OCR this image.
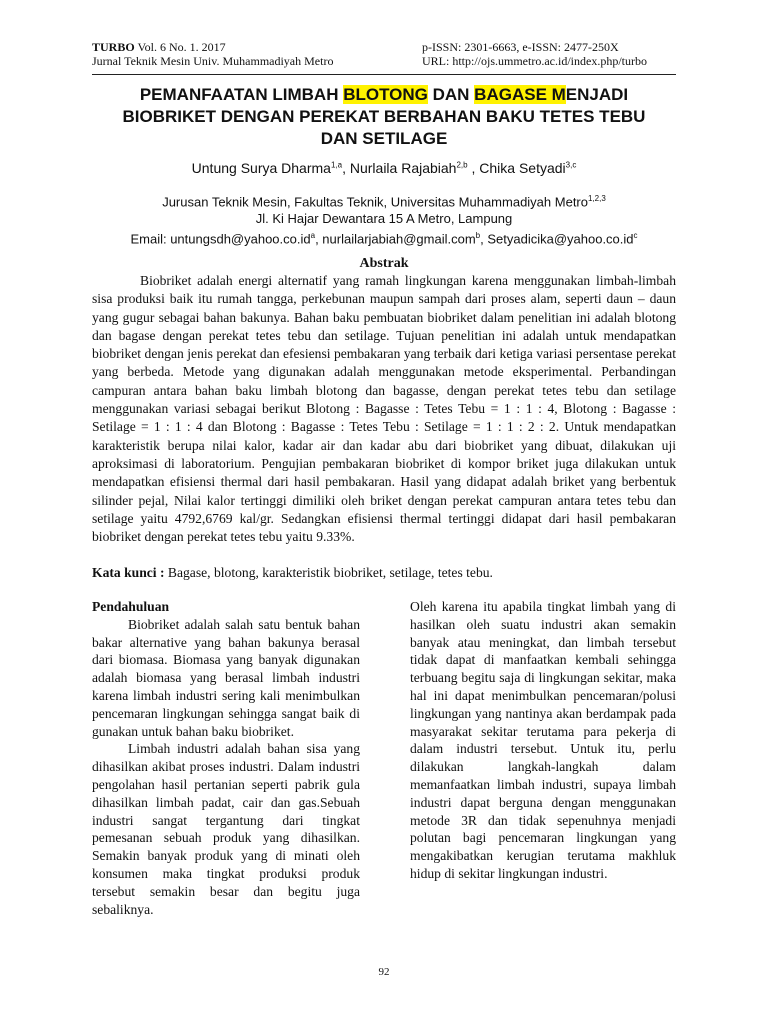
TURBO Vol. 6 No. 1. 2017
Jurnal Teknik Mesin Univ. Muhammadiyah Metro
p-ISSN: 2301-6663, e-ISSN: 2477-250X
URL: http://ojs.ummetro.ac.id/index.php/turbo
PEMANFAATAN LIMBAH BLOTONG DAN BAGASE MENJADI
BIOBRIKET DENGAN PEREKAT BERBAHAN BAKU TETES TEBU
DAN SETILAGE
Untung Surya Dharma$^{1,a}$, Nurlaila Rajabiah$^{2,b}$ , Chika Setyadi$^{3,c}$
Jurusan Teknik Mesin, Fakultas Teknik, Universitas Muhammadiyah Metro$^{1,2,3}$
Jl. Ki Hajar Dewantara 15 A Metro, Lampung
Email: $untungsdh@yahoo.co.id^a$, nurlailarjabiah@gmail.com$^b$, $Setyadicika@yahoo.co.id^c$
Abstrak
Biobriket adalah energi alternatif yang ramah lingkungan karena menggunakan limbah-limbah sisa produksi baik itu rumah tangga, perkebunan maupun sampah dari proses alam, seperti daun – daun yang gugur sebagai bahan bakunya. Bahan baku pembuatan biobriket dalam penelitian ini adalah blotong dan bagase dengan perekat tetes tebu dan setilage. Tujuan penelitian ini adalah untuk mendapatkan biobriket dengan jenis perekat dan efesiensi pembakaran yang terbaik dari ketiga variasi persentase perekat yang berbeda. Metode yang digunakan adalah menggunakan metode eksperimental. Perbandingan campuran antara bahan baku limbah blotong dan bagasse, dengan perekat tetes tebu dan setilage menggunakan variasi sebagai berikut Blotong : Bagasse : Tetes Tebu = 1 : 1 : 4, Blotong : Bagasse : Setilage = 1 : 1 : 4 dan Blotong : Bagasse : Tetes Tebu : Setilage = 1 : 1 : 2 : 2. Untuk mendapatkan karakteristik berupa nilai kalor, kadar air dan kadar abu dari biobriket yang dibuat, dilakukan uji aproksimasi di laboratorium. Pengujian pembakaran biobriket di kompor briket juga dilakukan untuk mendapatkan efisiensi thermal dari hasil pembakaran. Hasil yang didapat adalah briket yang berbentuk silinder pejal, Nilai kalor tertinggi dimiliki oleh briket dengan perekat campuran antara tetes tebu dan setilage yaitu 4792,6769 kal/gr. Sedangkan efisiensi thermal tertinggi didapat dari hasil pembakaran biobriket dengan perekat tetes tebu yaitu 9.33%.
Kata kunci : Bagase, blotong, karakteristik biobriket, setilage, tetes tebu.
Pendahuluan

Biobriket adalah salah satu bentuk bahan bakar alternative yang bahan bakunya berasal dari biomasa. Biomasa yang banyak digunakan adalah biomasa yang berasal limbah industri karena limbah industri sering kali menimbulkan pencemaran lingkungan sehingga sangat baik di gunakan untuk bahan baku biobriket.

Limbah industri adalah bahan sisa yang dihasilkan akibat proses industri. Dalam industri pengolahan hasil pertanian seperti pabrik gula dihasilkan limbah padat, cair dan gas.Sebuah industri sangat tergantung dari tingkat pemesanan sebuah produk yang dihasilkan. Semakin banyak produk yang di minati oleh konsumen maka tingkat produksi produk tersebut semakin besar dan begitu juga sebaliknya.

Oleh karena itu apabila tingkat limbah yang di hasilkan oleh suatu industri akan semakin banyak atau meningkat, dan limbah tersebut tidak dapat di manfaatkan kembali sehingga terbuang begitu saja di lingkungan sekitar, maka hal ini dapat menimbulkan pencemaran/polusi lingkungan yang nantinya akan berdampak pada masyarakat sekitar terutama para pekerja di dalam industri tersebut. Untuk itu, perlu dilakukan langkah-langkah dalam memanfaatkan limbah industri, supaya limbah industri dapat berguna dengan menggunakan metode 3R dan tidak sepenuhnya menjadi polutan bagi pencemaran lingkungan yang mengakibatkan kerugian terutama makhluk hidup di sekitar lingkungan industri.

92
